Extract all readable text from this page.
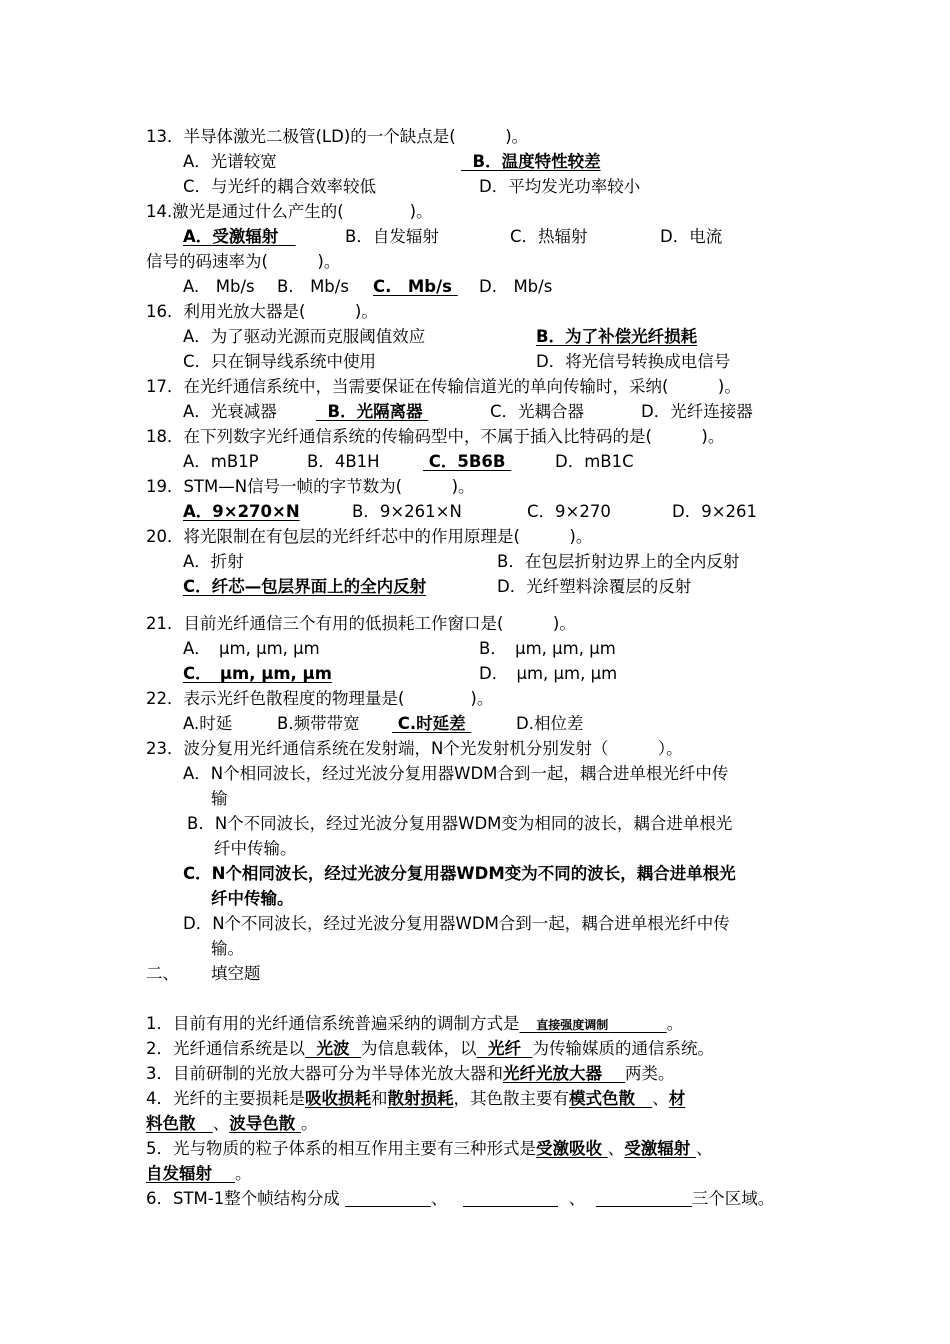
13．半导体激光二极管(LD)的一个缺点是(　　　)。
A．光谱较宽	B．温度特性较差
C．与光纤的耦合效率较低	D．平均发光功率较小
14.激光是通过什么产生的(　　　　)。
A．受激辐射	B．自发辐射	C．热辐射	D．电流
信号的码速率为(　　　)。
A.　Mb/s B.　Mb/s C.　Mb/s	D.　Mb/s
16．利用光放大器是(　　　)。
A．为了驱动光源而克服阈值效应	B．为了补偿光纤损耗
C．只在铜导线系统中使用	D．将光信号转换成电信号
17．在光纤通信系统中，当需要保证在传输信道光的单向传输时，采纳(　　　)。
A．光衰减器	B．光隔离器	C．光耦合器	D．光纤连接器
18．在下列数字光纤通信系统的传输码型中，不属于插入比特码的是(　　　)。
A．mB1P	B．4B1H	C．5B6B	D．mB1C
19．STM—N信号一帧的字节数为(　　　)。
A．9×270×N	B．9×261×N	C．9×270	D．9×261
20．将光限制在有包层的光纤纤芯中的作用原理是(　　　)。
A．折射	B．在包层折射边界上的全内反射
C．纤芯—包层界面上的全内反射	D．光纤塑料涂覆层的反射
21．目前光纤通信三个有用的低损耗工作窗口是(　　　)。
A．　μm, μm, μm	B．　μm, μm, μm
C．　μm, μm, μm	D．　μm, μm, μm
22．表示光纤色散程度的物理量是(　　　　)。
A.时延	B.频带带宽	C.时延差	D.相位差
23．波分复用光纤通信系统在发射端，N个光发射机分别发射（　　　）。
A．N个相同波长，经过光波分复用器WDM合到一起，耦合进单根光纤中传
输
B．N个不同波长，经过光波分复用器WDM变为相同的波长，耦合进单根光
纤中传输。
C．N个相同波长，经过光波分复用器WDM变为不同的波长，耦合进单根光
纤中传输。
D．N个不同波长，经过光波分复用器WDM合到一起，耦合进单根光纤中传
输。
二、 填空题
1．目前有用的光纤通信系统普遍采纳的调制方式是 直接强度调制	。
2．光纤通信系统是以 光波 为信息载体，以 光纤 为传输媒质的通信系统。
3．目前研制的光放大器可分为半导体光放大器和光纤光放大器 两类。
4．光纤的主要损耗是吸收损耗和散射损耗，其色散主要有模式色散 、材
料色散 、波导色散 。
5．光与物质的粒子体系的相互作用主要有三种形式是受激吸收 、受激辐射 、
自发辐射 。
6．STM-1整个帧结构分成	、	、	三个区域。
